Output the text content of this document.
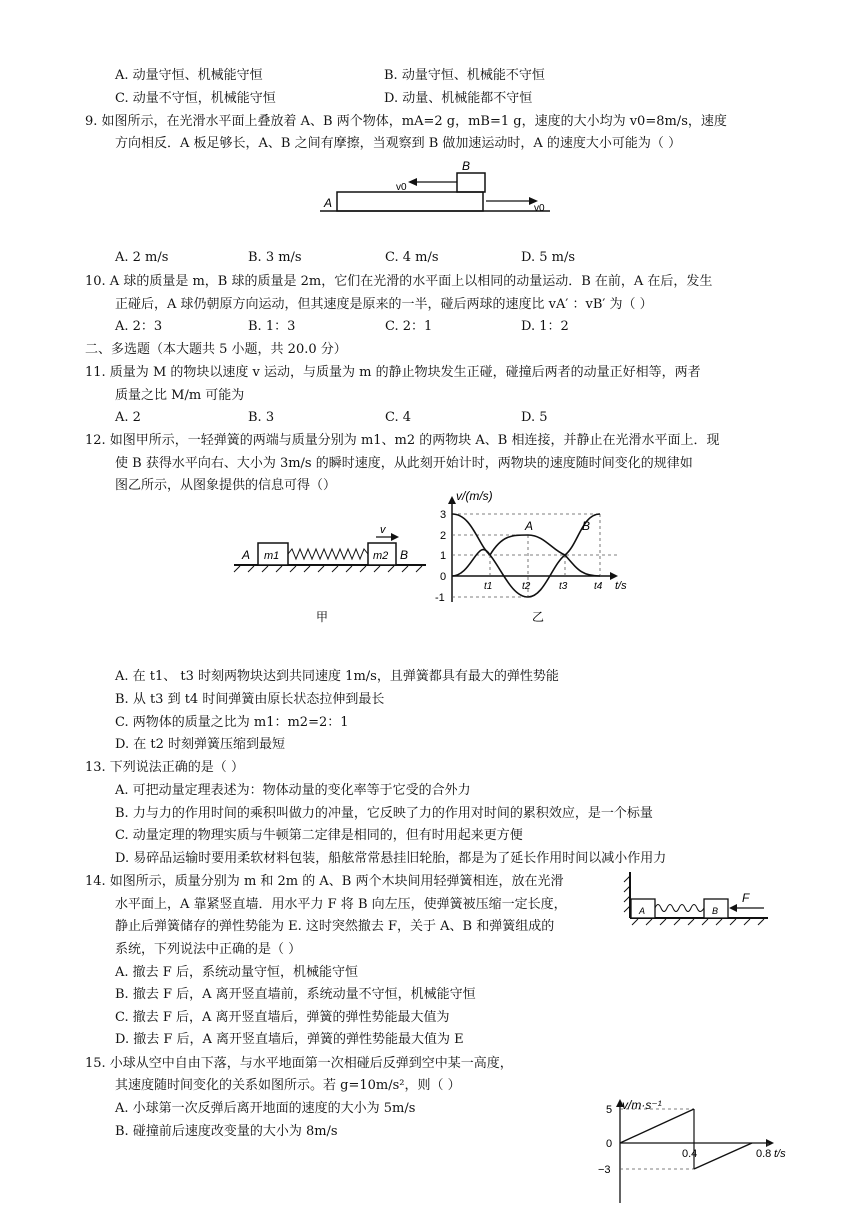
A. 动量守恒、机械能守恒	B. 动量守恒、机械能不守恒
C. 动量不守恒，机械能守恒	D. 动量、机械能都不守恒
9. 如图所示，在光滑水平面上叠放着 A、B 两个物体，mA=2 g，mB=1 g，速度的大小均为 v0=8m/s，速度
方向相反．A 板足够长，A、B 之间有摩擦，当观察到 B 做加速运动时，A 的速度大小可能为（ ）
A
B
v0
v0
A. 2 m/s	B. 3 m/s	C. 4 m/s	D. 5 m/s
10. A 球的质量是 m，B 球的质量是 2m，它们在光滑的水平面上以相同的动量运动．B 在前，A 在后，发生
正碰后，A 球仍朝原方向运动，但其速度是原来的一半，碰后两球的速度比 vA′ ：vB′ 为（ ）
A. 2：3	B. 1：3	C. 2：1	D. 1：2
二、多选题（本大题共 5 小题，共 20.0 分）
11. 质量为 M 的物块以速度 v 运动，与质量为 m 的静止物块发生正碰，碰撞后两者的动量正好相等，两者
质量之比 M/m 可能为
A. 2	B. 3	C. 4	D. 5
12. 如图甲所示，一轻弹簧的两端与质量分别为 m1、m2 的两物块 A、B 相连接，并静止在光滑水平面上．现
使 B 获得水平向右、大小为 3m/s 的瞬时速度，从此刻开始计时，两物块的速度随时间变化的规律如
图乙所示，从图象提供的信息可得（）
A m1	m2 B
v
甲
v/(m/s)
3
2
1
0
-1
t1	t2	t3	t4 t/s
A	B
乙
A. 在 t1、 t3 时刻两物块达到共同速度 1m/s，且弹簧都具有最大的弹性势能
B. 从 t3 到 t4 时间弹簧由原长状态拉伸到最长
C. 两物体的质量之比为 m1：m2=2：1
D. 在 t2 时刻弹簧压缩到最短
13. 下列说法正确的是（ ）
A. 可把动量定理表述为：物体动量的变化率等于它受的合外力
B. 力与力的作用时间的乘积叫做力的冲量，它反映了力的作用对时间的累积效应，是一个标量
C. 动量定理的物理实质与牛顿第二定律是相同的，但有时用起来更方便
D. 易碎品运输时要用柔软材料包装，船舷常常悬挂旧轮胎，都是为了延长作用时间以减小作用力
14. 如图所示，质量分别为 m 和 2m 的 A、B 两个木块间用轻弹簧相连，放在光滑
水平面上，A 靠紧竖直墙．用水平力 F 将 B 向左压，使弹簧被压缩一定长度，
静止后弹簧储存的弹性势能为 E. 这时突然撤去 F，关于 A、B 和弹簧组成的
系统，下列说法中正确的是（ ）
A	B
F
A. 撤去 F 后，系统动量守恒，机械能守恒
B. 撤去 F 后，A 离开竖直墙前，系统动量不守恒，机械能守恒
C. 撤去 F 后，A 离开竖直墙后，弹簧的弹性势能最大值为
D. 撤去 F 后，A 离开竖直墙后，弹簧的弹性势能最大值为 E
15. 小球从空中自由下落，与水平地面第一次相碰后反弹到空中某一高度，
其速度随时间变化的关系如图所示。若 g=10m/s²，则（ ）
A. 小球第一次反弹后离开地面的速度的大小为 5m/s
B. 碰撞前后速度改变量的大小为 8m/s
v/m·s⁻¹
5
0
−3
0.4	0.8 t/s
